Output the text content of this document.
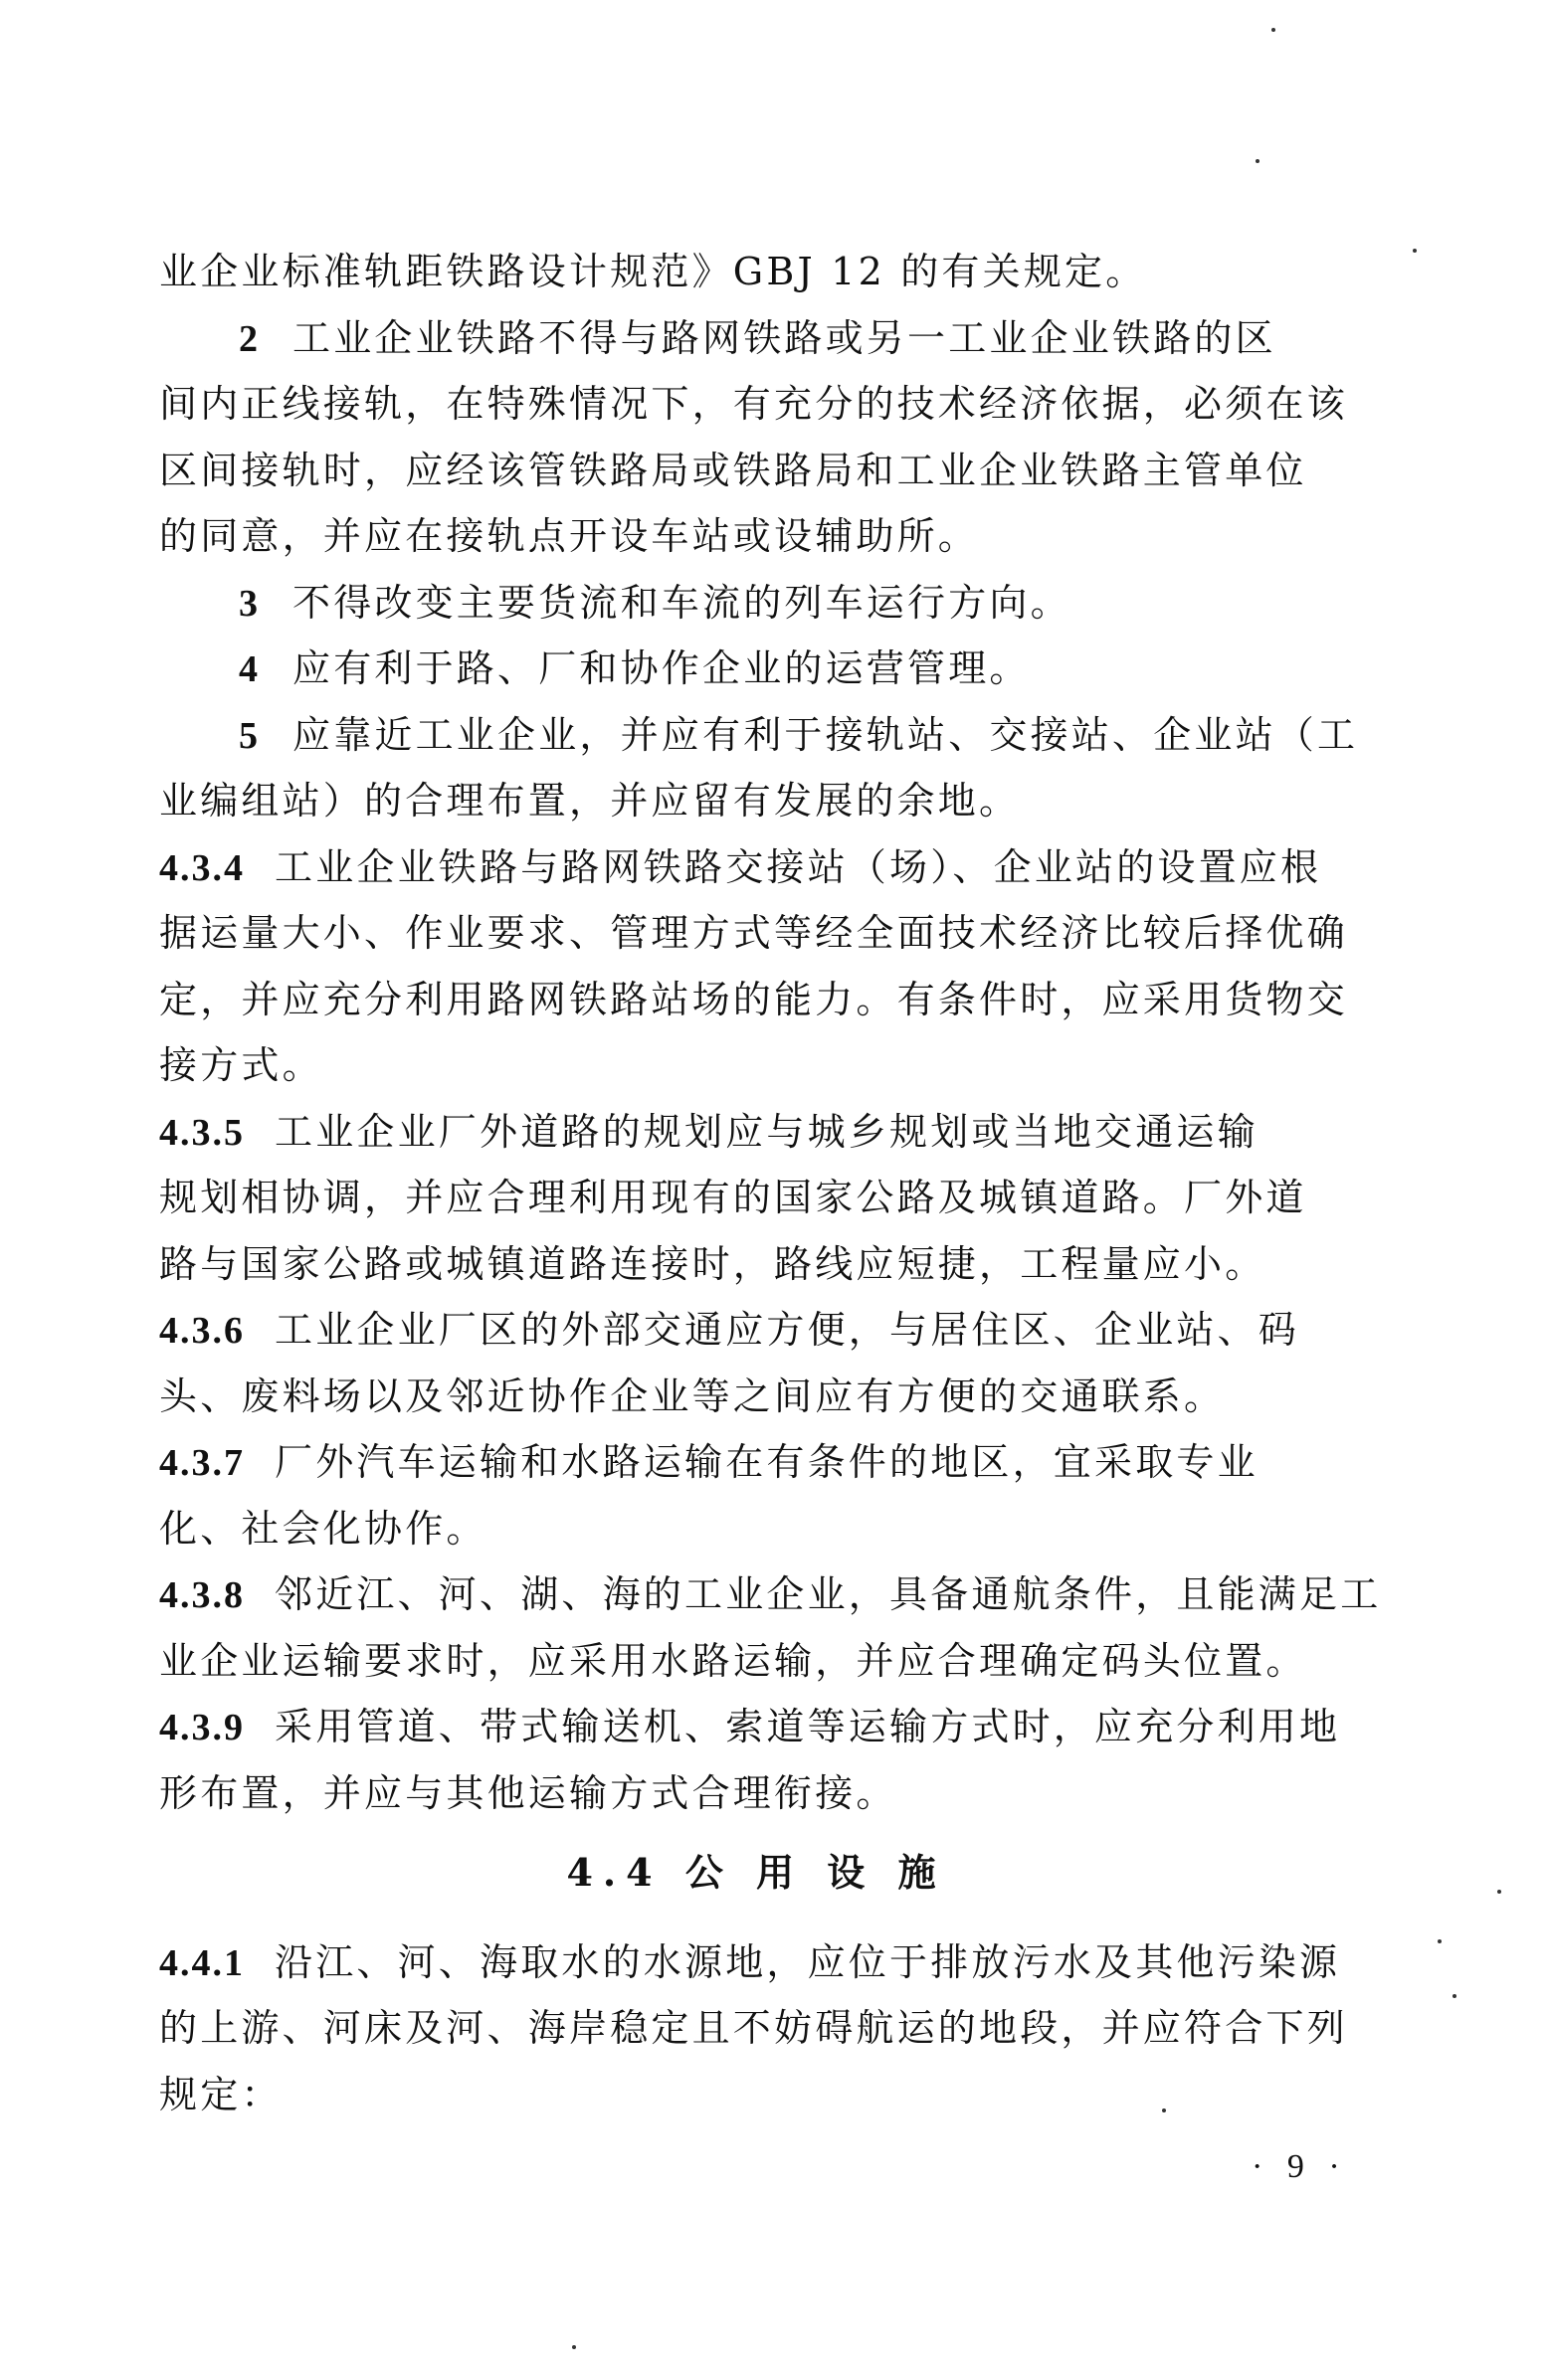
业企业标准轨距铁路设计规范》GBJ 12 的有关规定。
2 工业企业铁路不得与路网铁路或另一工业企业铁路的区
间内正线接轨，在特殊情况下，有充分的技术经济依据，必须在该
区间接轨时，应经该管铁路局或铁路局和工业企业铁路主管单位
的同意，并应在接轨点开设车站或设辅助所。
3 不得改变主要货流和车流的列车运行方向。
4 应有利于路、厂和协作企业的运营管理。
5 应靠近工业企业，并应有利于接轨站、交接站、企业站（工
业编组站）的合理布置，并应留有发展的余地。
4.3.4 工业企业铁路与路网铁路交接站（场）、企业站的设置应根
据运量大小、作业要求、管理方式等经全面技术经济比较后择优确
定，并应充分利用路网铁路站场的能力。有条件时，应采用货物交
接方式。
4.3.5 工业企业厂外道路的规划应与城乡规划或当地交通运输
规划相协调，并应合理利用现有的国家公路及城镇道路。厂外道
路与国家公路或城镇道路连接时，路线应短捷，工程量应小。
4.3.6 工业企业厂区的外部交通应方便，与居住区、企业站、码
头、废料场以及邻近协作企业等之间应有方便的交通联系。
4.3.7 厂外汽车运输和水路运输在有条件的地区，宜采取专业
化、社会化协作。
4.3.8 邻近江、河、湖、海的工业企业，具备通航条件，且能满足工
业企业运输要求时，应采用水路运输，并应合理确定码头位置。
4.3.9 采用管道、带式输送机、索道等运输方式时，应充分利用地
形布置，并应与其他运输方式合理衔接。
4.4 公 用 设 施
4.4.1 沿江、河、海取水的水源地，应位于排放污水及其他污染源
的上游、河床及河、海岸稳定且不妨碍航运的地段，并应符合下列
规定：
· 9 ·
